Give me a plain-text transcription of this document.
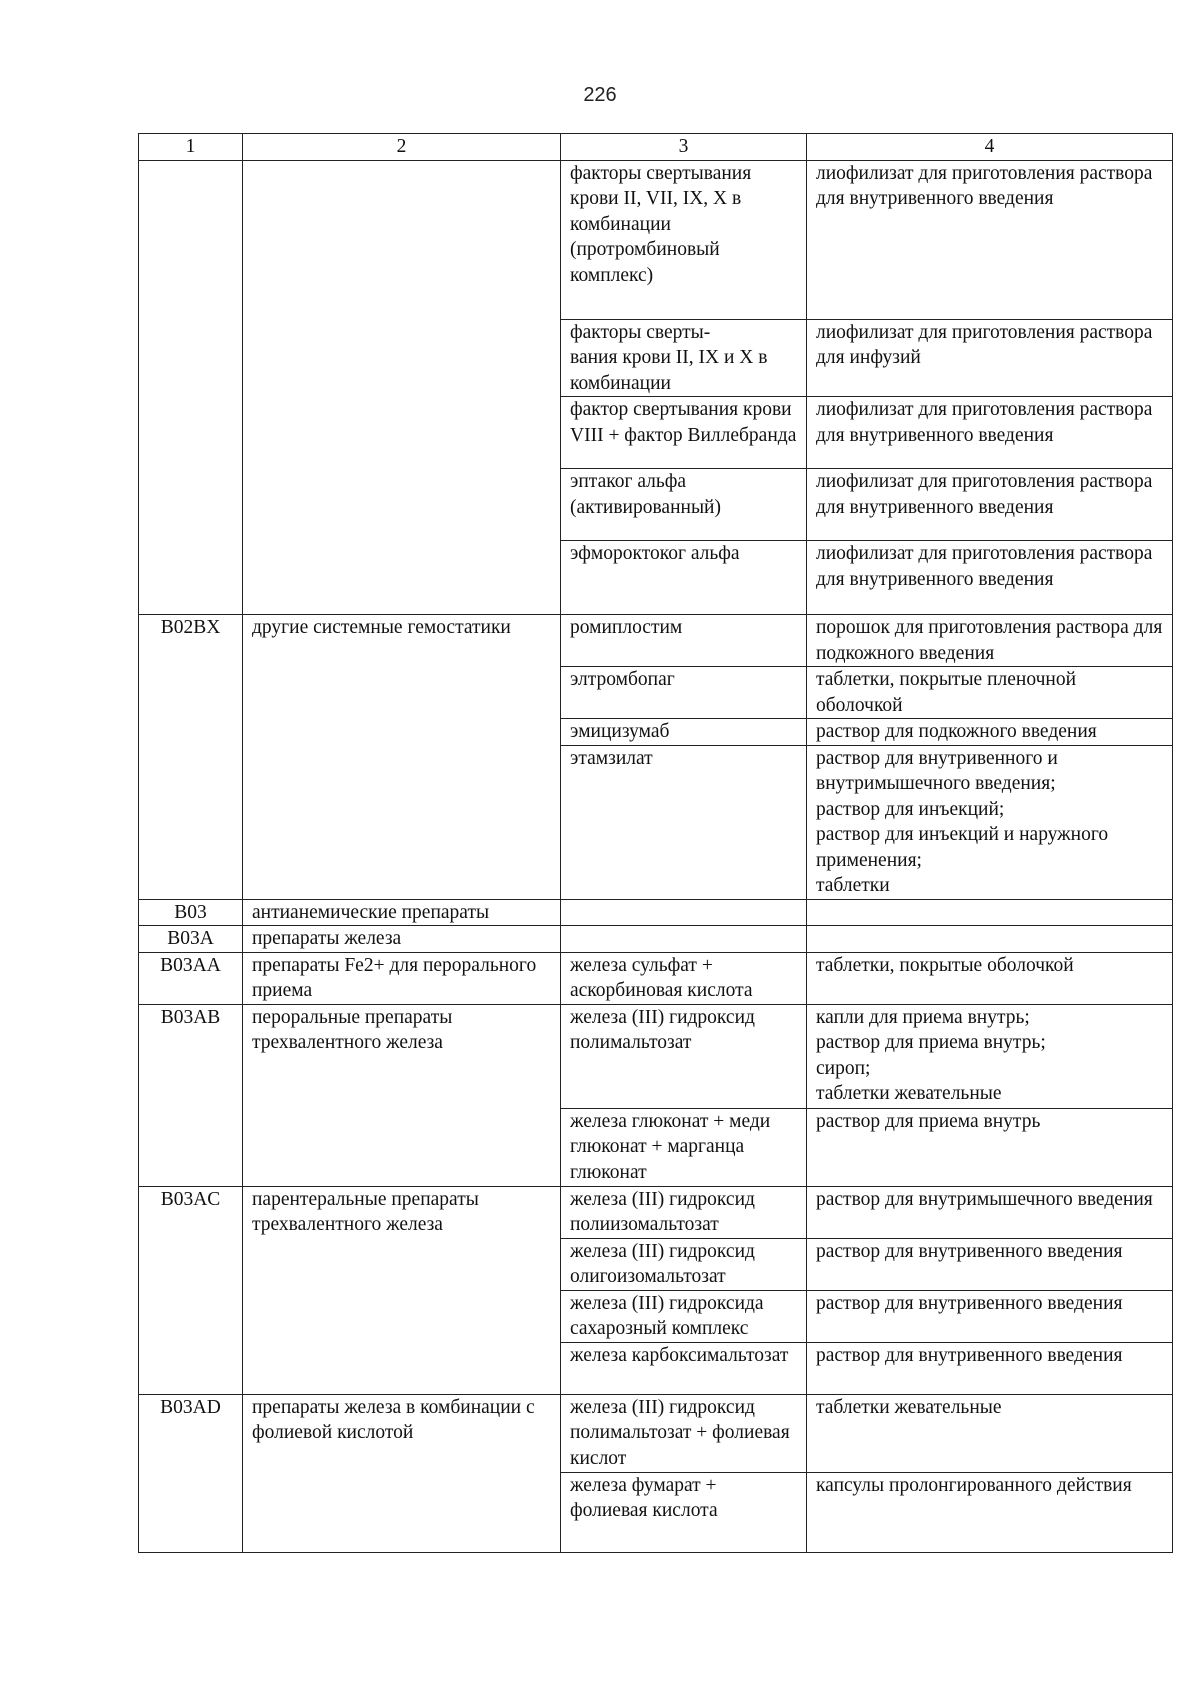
226
1	2	3	4
		факторы свертывания крови II, VII, IX, X в комбинации (протромбиновый комплекс)	лиофилизат для приготовления раствора для внутривенного введения
		факторы сверты-
вания крови II, IX и X в комбинации	лиофилизат для приготовления раствора для инфузий
		фактор свертывания крови VIII + фактор Виллебранда	лиофилизат для приготовления раствора для внутривенного введения
		эптаког альфа (активированный)	лиофилизат для приготовления раствора для внутривенного введения
		эфмороктоког альфа	лиофилизат для приготовления раствора для внутривенного введения
B02BX	другие системные гемостатики	ромиплостим	порошок для приготовления раствора для подкожного введения
		элтромбопаг	таблетки, покрытые пленочной оболочкой
		эмицизумаб	раствор для подкожного введения
		этамзилат	раствор для внутривенного и внутримышечного введения;
раствор для инъекций;
раствор для инъекций и наружного применения;
таблетки
B03	антианемические препараты		
B03A	препараты железа		
B03AA	препараты Fe2+ для перорального приема	железа сульфат + аскорбиновая кислота	таблетки, покрытые оболочкой
B03AB	пероральные препараты трехвалентного железа	железа (III) гидроксид полимальтозат	капли для приема внутрь;
раствор для приема внутрь;
сироп;
таблетки жевательные
		железа глюконат + меди глюконат + марганца глюконат	раствор для приема внутрь
B03AC	парентеральные препараты трехвалентного железа	железа (III) гидроксид полиизомальтозат	раствор для внутримышечного введения
		железа (III) гидроксид олигоизомальтозат	раствор для внутривенного введения
		железа (III) гидроксида сахарозный комплекс	раствор для внутривенного введения
		железа карбоксимальтозат	раствор для внутривенного введения
B03AD	препараты железа в комбинации с фолиевой кислотой	железа (III) гидроксид полимальтозат + фолиевая кислот	таблетки жевательные
		железа фумарат + фолиевая кислота	капсулы пролонгированного действия
